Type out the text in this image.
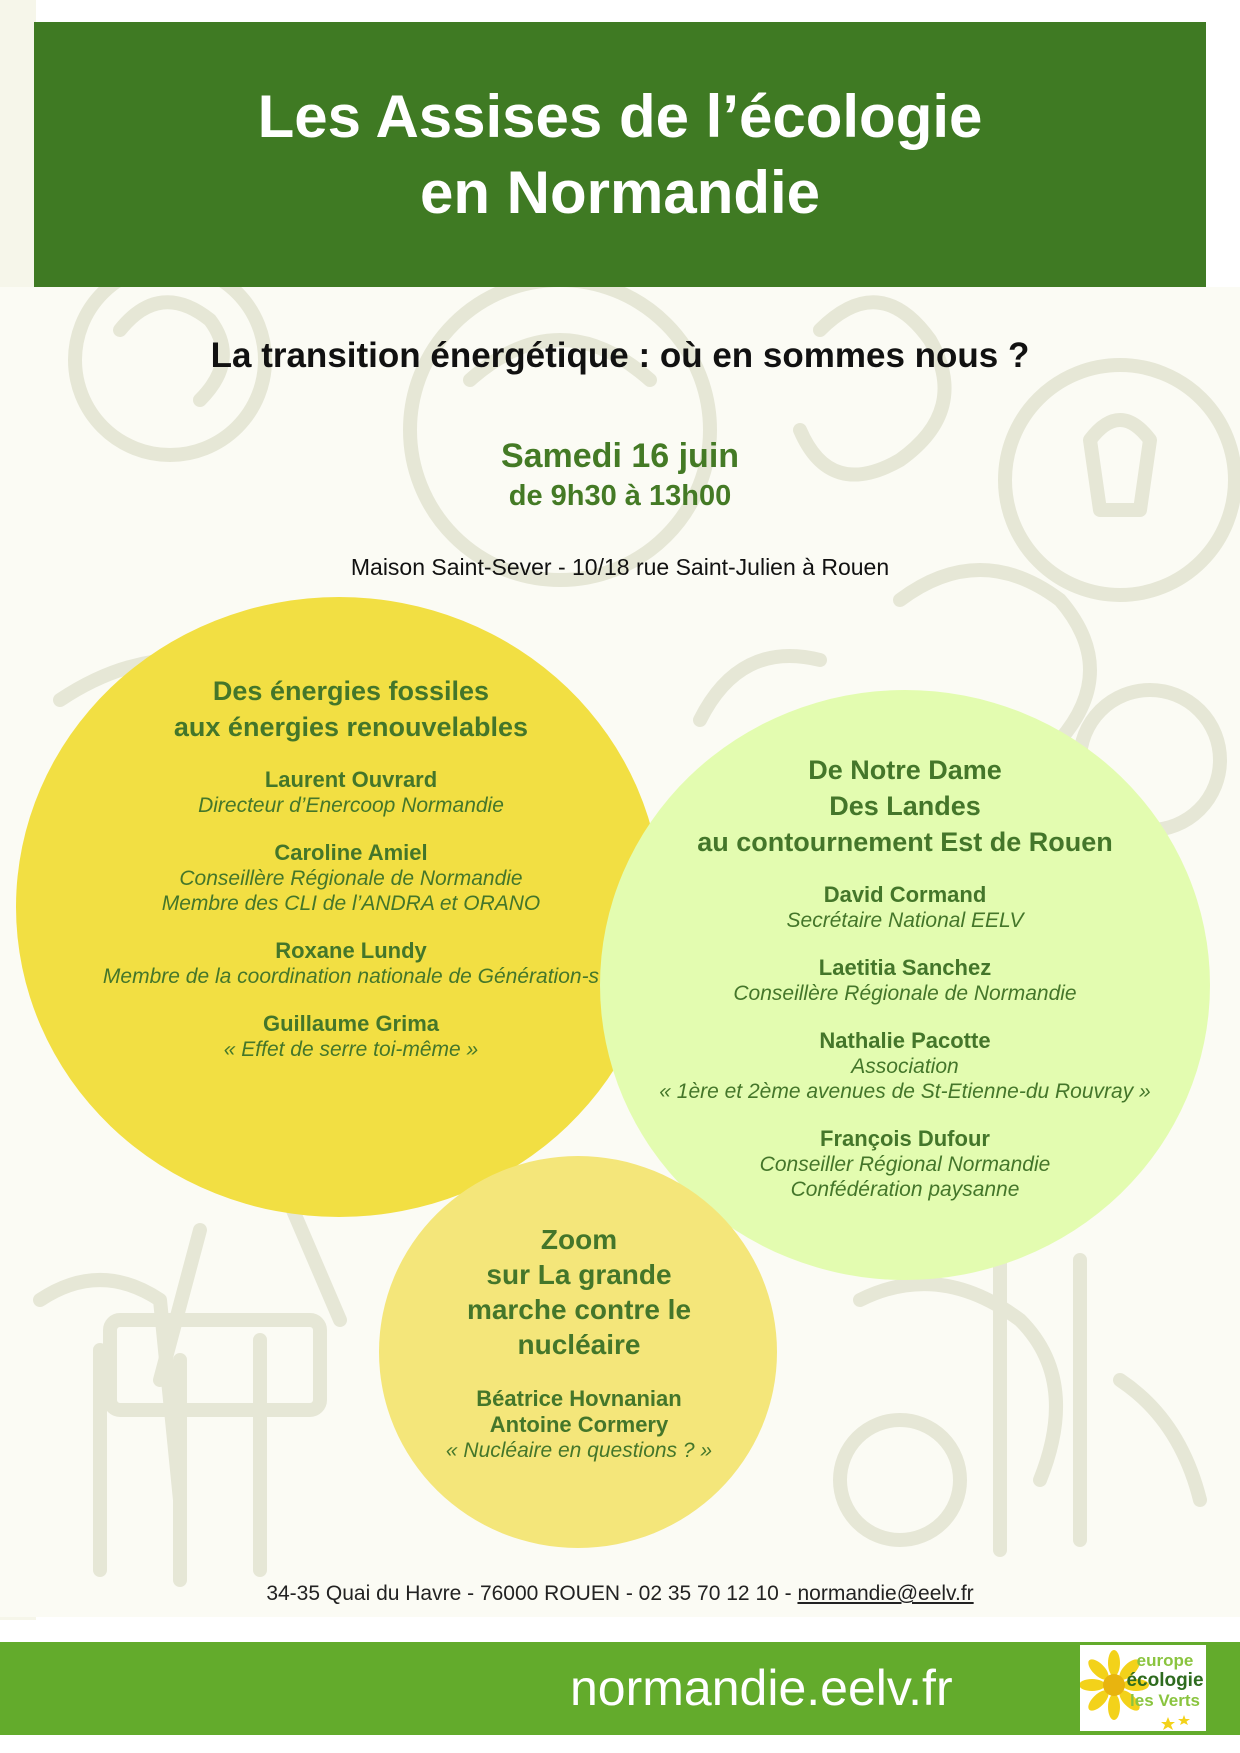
Les Assises de l’écologie
en Normandie
La transition énergétique : où en sommes nous ?
Samedi 16 juin
de 9h30 à 13h00
Maison Saint-Sever - 10/18 rue Saint-Julien à Rouen
Des énergies fossiles
aux énergies renouvelables
Laurent Ouvrard
Directeur d’Enercoop Normandie
Caroline Amiel
Conseillère Régionale de Normandie
Membre des CLI de l’ANDRA et ORANO
Roxane Lundy
Membre de la coordination nationale de Génération-s
Guillaume Grima
« Effet de serre toi-même »
De Notre Dame
Des Landes
au contournement Est de Rouen
David Cormand
Secrétaire National EELV
Laetitia Sanchez
Conseillère Régionale de Normandie
Nathalie Pacotte
Association
« 1ère et 2ème avenues de St-Etienne-du Rouvray »
François Dufour
Conseiller Régional Normandie
Confédération paysanne
Zoom
sur La grande
marche contre le
nucléaire
Béatrice Hovnanian
Antoine Cormery
« Nucléaire en questions ? »
34-35 Quai du Havre - 76000 ROUEN - 02 35 70 12 10 - normandie@eelv.fr
normandie.eelv.fr	europe
écologie
les Verts
